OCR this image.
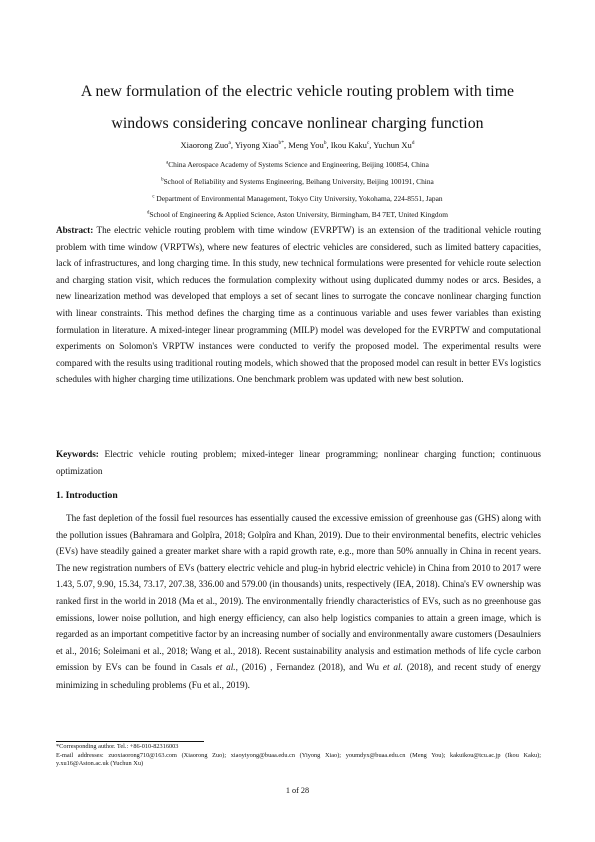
A new formulation of the electric vehicle routing problem with time
windows considering concave nonlinear charging function
Xiaorong Zuo$^a$, Yiyong Xiao$^{b*}$, Meng You$^b$, Ikou Kaku$^c$, Yuchun Xu$^d$
$^a$China Aerospace Academy of Systems Science and Engineering, Beijing 100854, China
$^b$School of Reliability and Systems Engineering, Beihang University, Beijing 100191, China
$^c$ Department of Environmental Management, Tokyo City University, Yokohama, 224-8551, Japan
$^d$School of Engineering & Applied Science, Aston University, Birmingham, B4 7ET, United Kingdom

Abstract: The electric vehicle routing problem with time window (EVRPTW) is an extension of the traditional vehicle routing problem with time window (VRPTWs), where new features of electric vehicles are considered, such as limited battery capacities, lack of infrastructures, and long charging time. In this study, new technical formulations were presented for vehicle route selection and charging station visit, which reduces the formulation complexity without using duplicated dummy nodes or arcs. Besides, a new linearization method was developed that employs a set of secant lines to surrogate the concave nonlinear charging function with linear constraints. This method defines the charging time as a continuous variable and uses fewer variables than existing formulation in literature. A mixed-integer linear programming (MILP) model was developed for the EVRPTW and computational experiments on Solomon's VRPTW instances were conducted to verify the proposed model. The experimental results were compared with the results using traditional routing models, which showed that the proposed model can result in better EVs logistics schedules with higher charging time utilizations. One benchmark problem was updated with new best solution.

Keywords: Electric vehicle routing problem; mixed-integer linear programming; nonlinear charging function; continuous optimization

1. Introduction

The fast depletion of the fossil fuel resources has essentially caused the excessive emission of greenhouse gas (GHS) along with the pollution issues (Bahramara and Golpîra, 2018; Golpîra and Khan, 2019). Due to their environmental benefits, electric vehicles (EVs) have steadily gained a greater market share with a rapid growth rate, e.g., more than 50% annually in China in recent years. The new registration numbers of EVs (battery electric vehicle and plug-in hybrid electric vehicle) in China from 2010 to 2017 were 1.43, 5.07, 9.90, 15.34, 73.17, 207.38, 336.00 and 579.00 (in thousands) units, respectively (IEA, 2018). China's EV ownership was ranked first in the world in 2018 (Ma et al., 2019). The environmentally friendly characteristics of EVs, such as no greenhouse gas emissions, lower noise pollution, and high energy efficiency, can also help logistics companies to attain a green image, which is regarded as an important competitive factor by an increasing number of socially and environmentally aware customers (Desaulniers et al., 2016; Soleimani et al., 2018; Wang et al., 2018). Recent sustainability analysis and estimation methods of life cycle carbon emission by EVs can be found in Casals et al., (2016) , Fernandez (2018), and Wu et al. (2018), and recent study of energy minimizing in scheduling problems (Fu et al., 2019).

*Corresponding author. Tel.: +86-010-82316003
E-mail addresses: zuoxiaorong710@163.com (Xiaorong Zuo); xiaoyiyong@buaa.edu.cn (Yiyong Xiao); youmdyx@buaa.edu.cn (Meng You); kakuikou@tcu.ac.jp (Ikou Kaku); y.xu16@Aston.ac.uk (Yuchun Xu)
1 of 28
